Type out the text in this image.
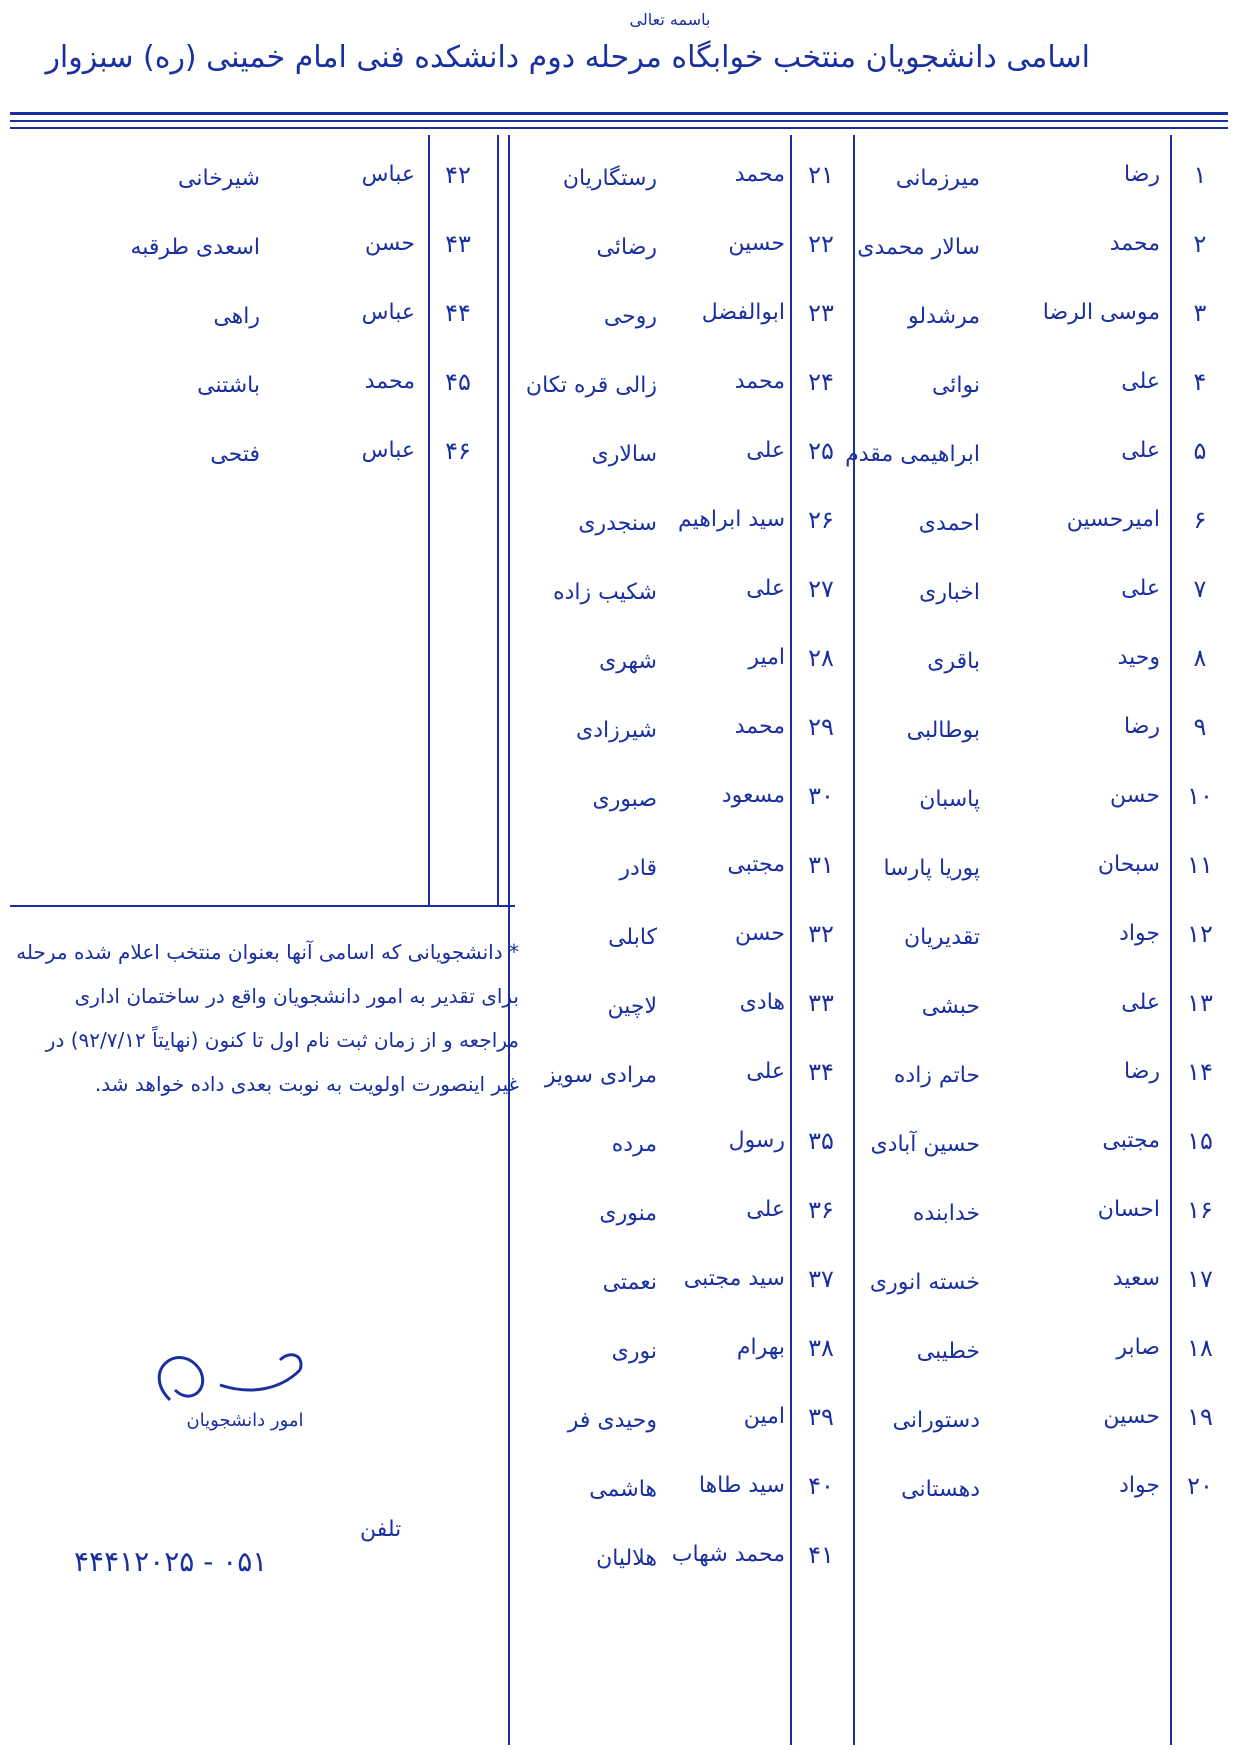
باسمه تعالی
اسامی دانشجویان منتخب خوابگاه مرحله دوم دانشکده فنی امام خمینی (ره) سبزوار
۱
رضا
میرزمانی
۲
محمد
سالار محمدی
۳
موسی الرضا
مرشدلو
۴
علی
نوائی
۵
علی
ابراهیمی مقدم
۶
امیرحسین
احمدی
۷
علی
اخباری
۸
وحید
باقری
۹
رضا
بوطالبی
۱۰
حسن
پاسبان
۱۱
سبحان
پوریا پارسا
۱۲
جواد
تقدیریان
۱۳
علی
حبشی
۱۴
رضا
حاتم زاده
۱۵
مجتبی
حسین آبادی
۱۶
احسان
خدابنده
۱۷
سعید
خسته انوری
۱۸
صابر
خطیبی
۱۹
حسین
دستورانی
۲۰
جواد
دهستانی
۲۱
محمد
رستگاریان
۲۲
حسین
رضائی
۲۳
ابوالفضل
روحی
۲۴
محمد
زالی قره تکان
۲۵
علی
سالاری
۲۶
سید ابراهیم
سنجدری
۲۷
علی
شکیب زاده
۲۸
امیر
شهری
۲۹
محمد
شیرزادی
۳۰
مسعود
صبوری
۳۱
مجتبی
قادر
۳۲
حسن
کابلی
۳۳
هادی
لاچین
۳۴
علی
مرادی سویز
۳۵
رسول
مرده
۳۶
علی
منوری
۳۷
سید مجتبی
نعمتی
۳۸
بهرام
نوری
۳۹
امین
وحیدی فر
۴۰
سید طاها
هاشمی
۴۱
محمد شهاب
هلالیان
۴۲
عباس
شیرخانی
۴۳
حسن
اسعدی طرقبه
۴۴
عباس
راهی
۴۵
محمد
باشتنی
۴۶
عباس
فتحی
* دانشجویانی که اسامی آنها بعنوان منتخب اعلام شده مرحله برای تقدیر به امور دانشجویان واقع در ساختمان اداری مراجعه و از زمان ثبت نام اول تا کنون (نهایتاً ۹۲/۷/۱۲) در غیر اینصورت اولویت به نوبت بعدی داده خواهد شد.
امور دانشجویان
تلفن
۰۵۱ - ۴۴۴۱۲۰۲۵
